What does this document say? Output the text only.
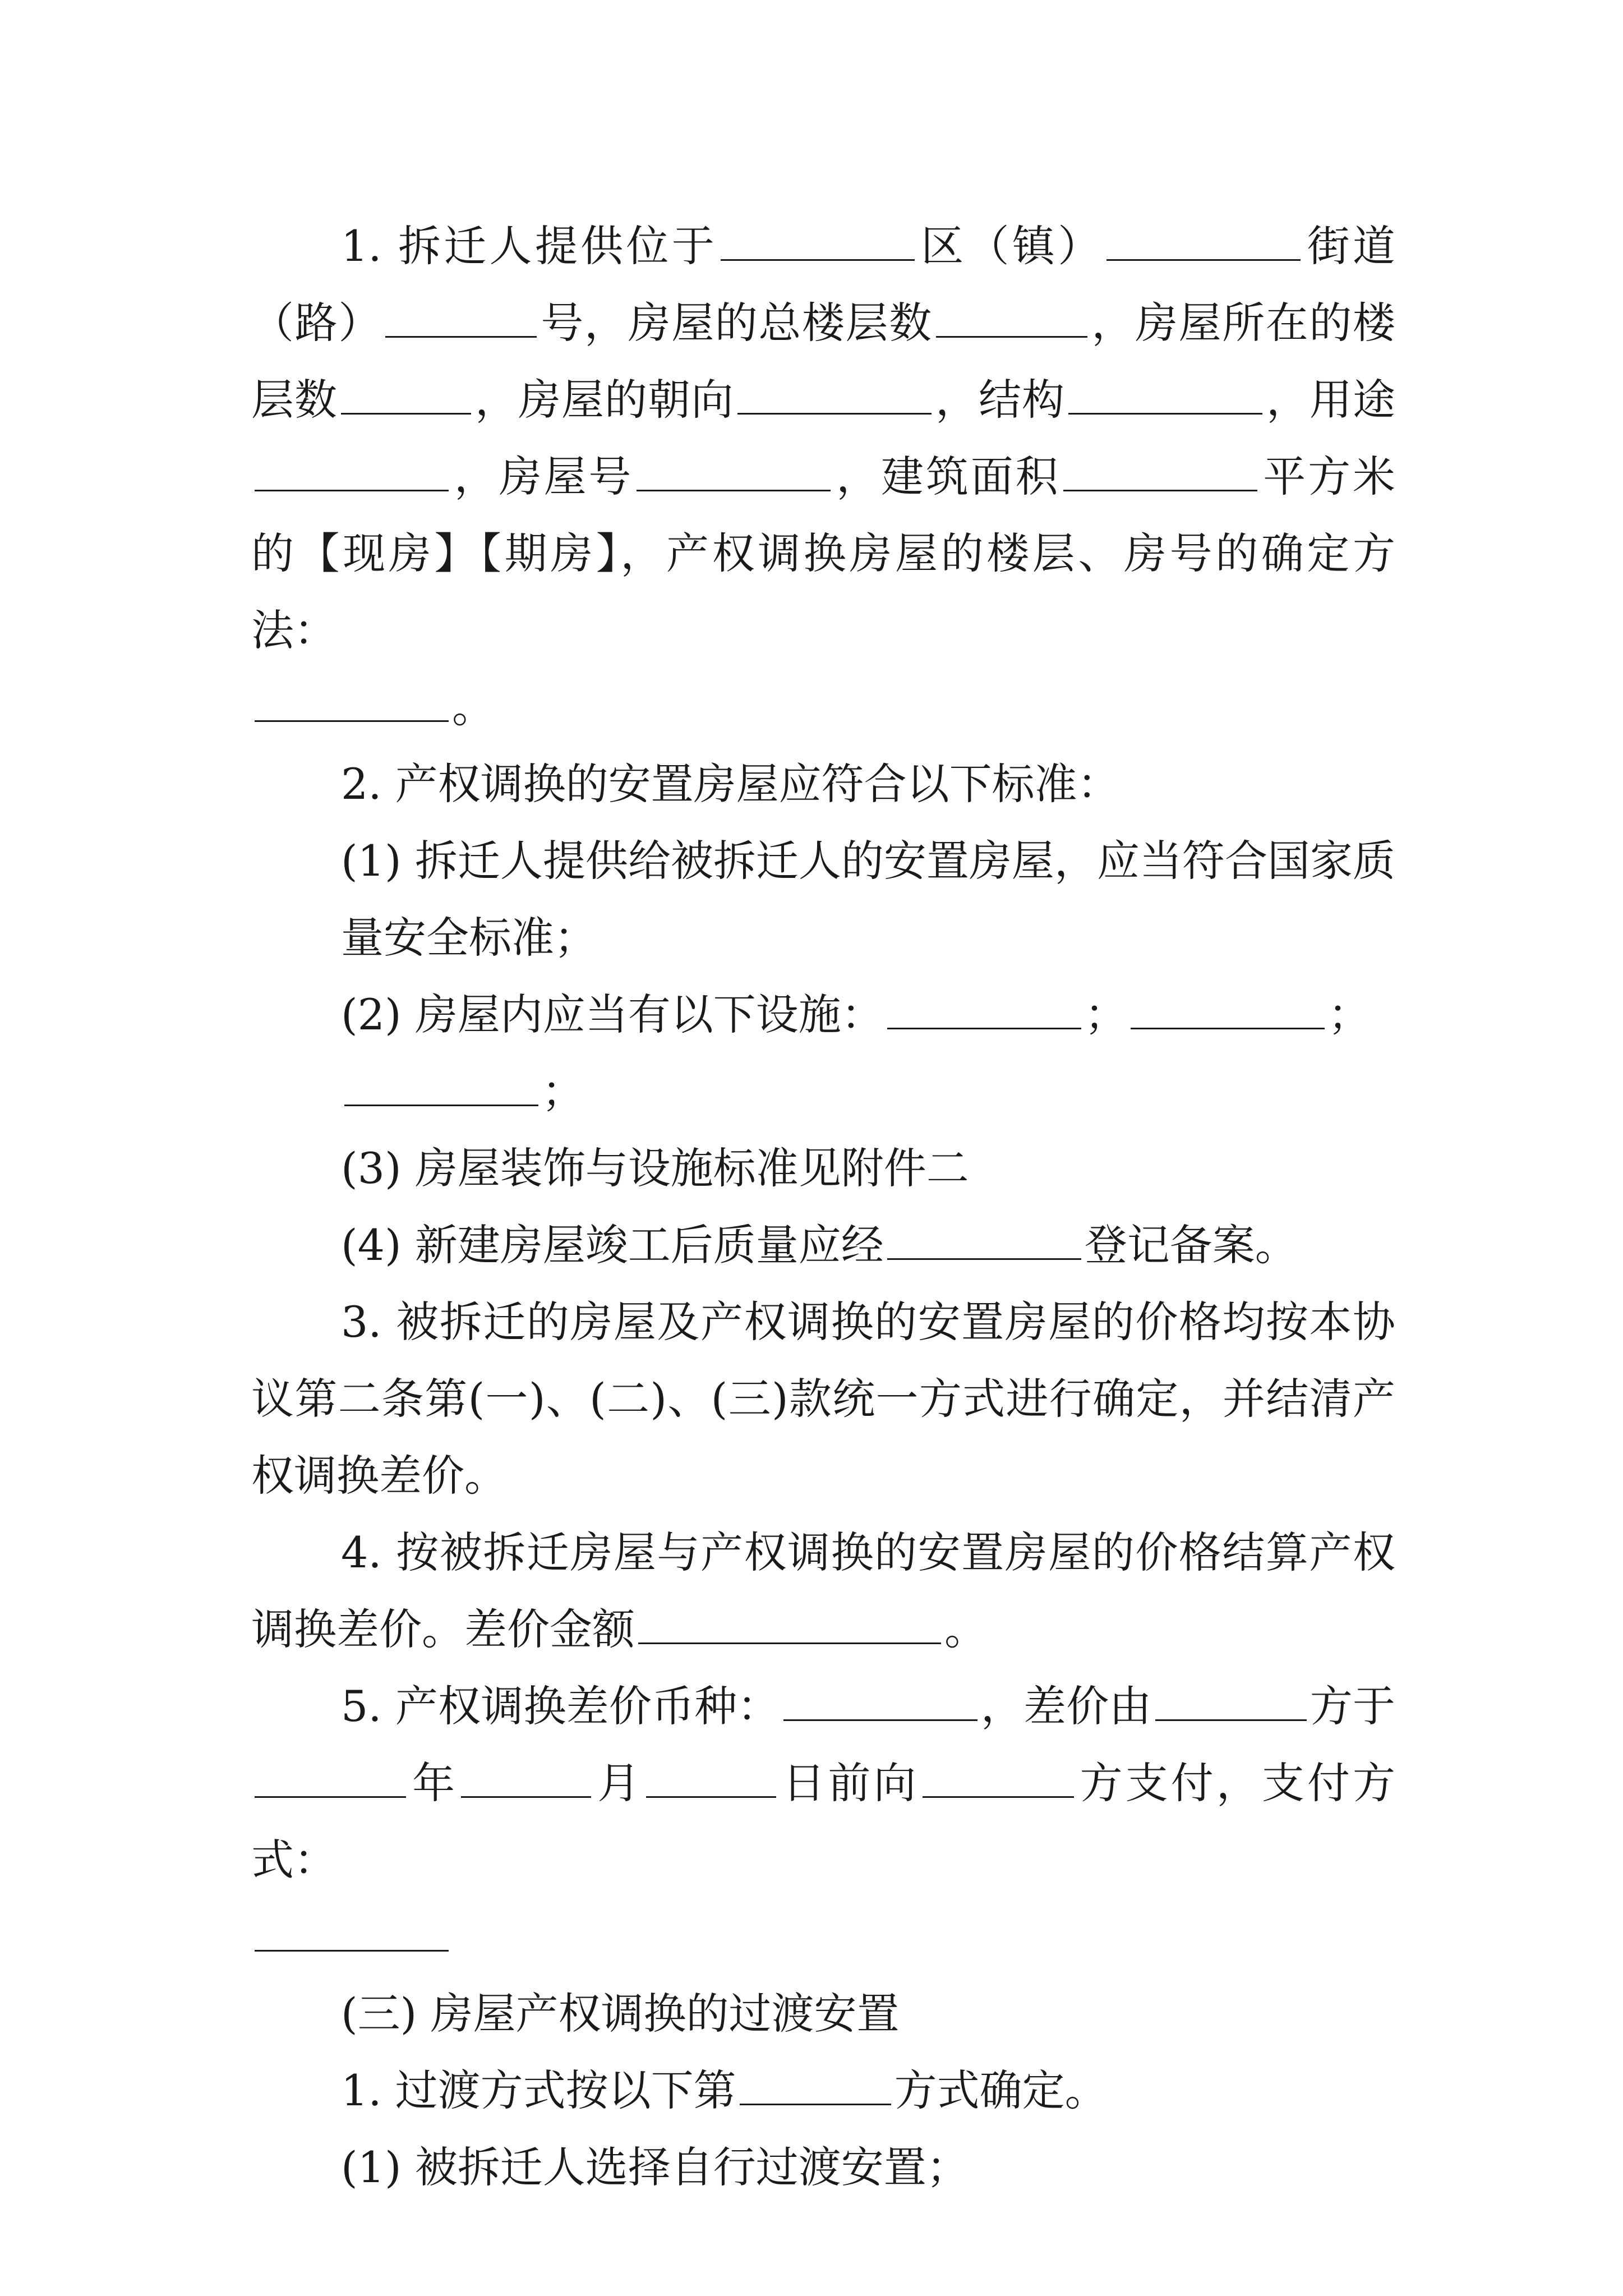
1. 拆迁人提供位于	区（镇）	街道（路）	号，房屋的总楼层数	，房屋所在的楼层数	，房屋的朝向	，结构	，用途，房屋号	，建筑面积	平方米的【现房】【期房】，产权调换房屋的楼层、房号的确定方法：
。

2. 产权调换的安置房屋应符合以下标准：

(1) 拆迁人提供给被拆迁人的安置房屋，应当符合国家质量安全标准；

(2) 房屋内应当有以下设施：	；	；
；

(3) 房屋装饰与设施标准见附件二

(4) 新建房屋竣工后质量应经	登记备案。

3. 被拆迁的房屋及产权调换的安置房屋的价格均按本协议第二条第(一)、(二)、(三)款统一方式进行确定，并结清产权调换差价。

4. 按被拆迁房屋与产权调换的安置房屋的价格结算产权调换差价。差价金额	。

5. 产权调换差价币种：	，差价由	方于年	月	日前向	方支付，支付方式：

(三) 房屋产权调换的过渡安置

1. 过渡方式按以下第	方式确定。

(1) 被拆迁人选择自行过渡安置；
